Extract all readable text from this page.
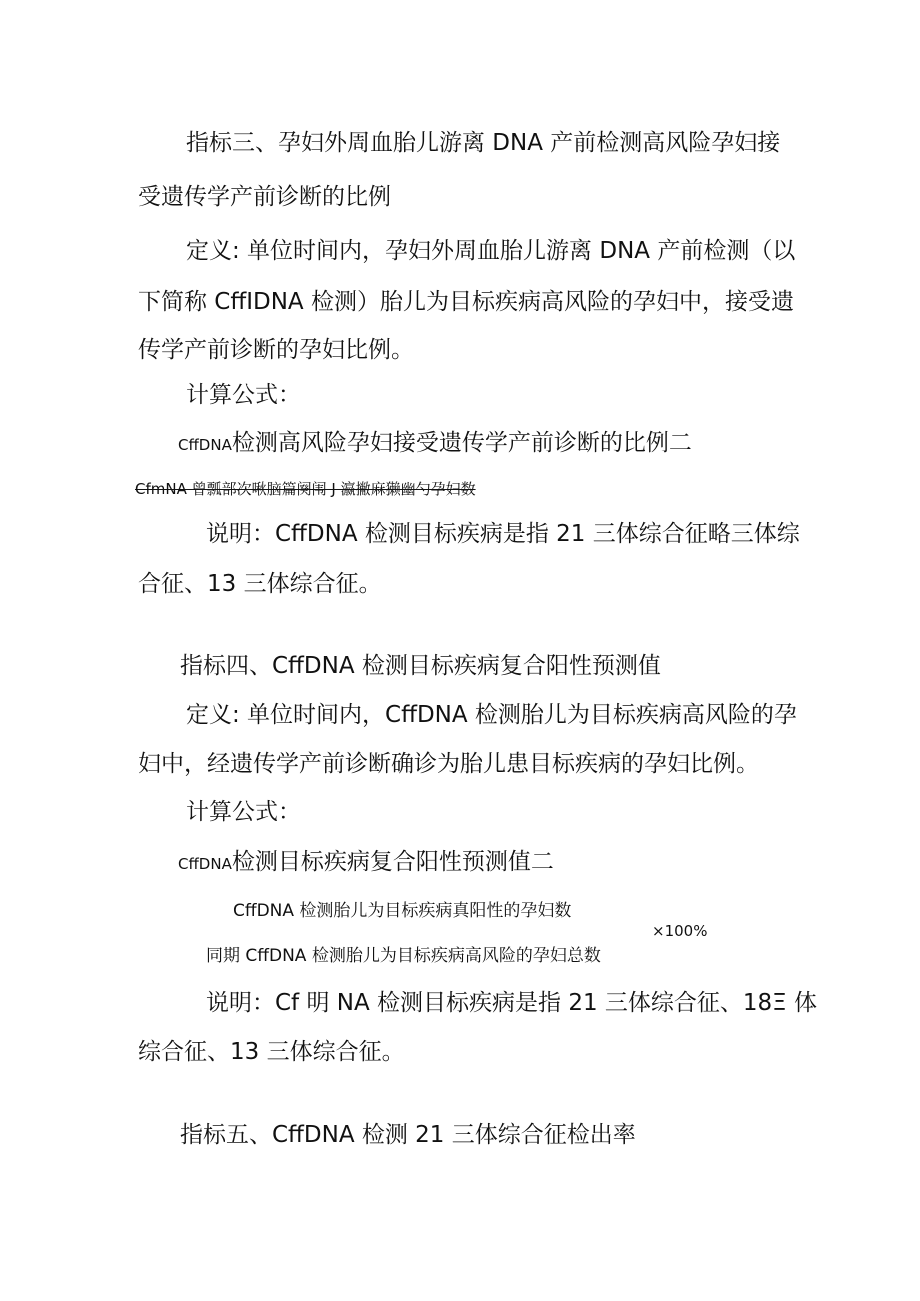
指标三、孕妇外周血胎儿游离 DNA 产前检测高风险孕妇接
受遗传学产前诊断的比例
定义: 单位时间内，孕妇外周血胎儿游离 DNA 产前检测（以
下简称 CffIDNA 检测）胎儿为目标疾病高风险的孕妇中，接受遗
传学产前诊断的孕妇比例。
计算公式：
CffDNA检测高风险孕妇接受遗传学产前诊断的比例二
CfmNA 曾瓢部次啾脑篇阕闱 J 瀛撇麻獭幽勺孕妇数
说明：CffDNA 检测目标疾病是指 21 三体综合征略三体综
合征、13 三体综合征。
指标四、CffDNA 检测目标疾病复合阳性预测值
定义: 单位时间内，CffDNA 检测胎儿为目标疾病高风险的孕
妇中，经遗传学产前诊断确诊为胎儿患目标疾病的孕妇比例。
计算公式：
CffDNA检测目标疾病复合阳性预测值二
CffDNA 检测胎儿为目标疾病真阳性的孕妇数
×100%
同期 CffDNA 检测胎儿为目标疾病高风险的孕妇总数
说明：Cf 明 NA 检测目标疾病是指 21 三体综合征、18Ξ 体
综合征、13 三体综合征。
指标五、CffDNA 检测 21 三体综合征检出率
